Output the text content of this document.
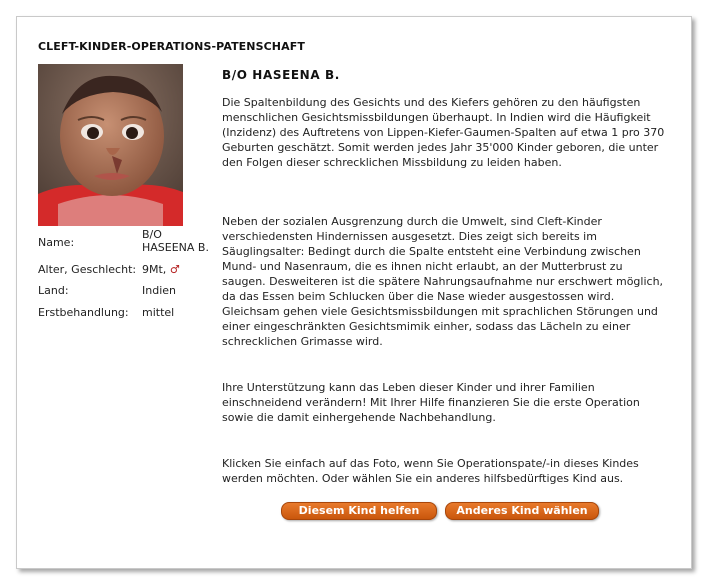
CLEFT-KINDER-OPERATIONS-PATENSCHAFT
Name:
B/O
HASEENA B.
Alter, Geschlecht: 9Mt, ♂
Land:	Indien
Erstbehandlung: mittel
B/O HASEENA B.

Die Spaltenbildung des Gesichts und des Kiefers gehören zu den häufigsten menschlichen Gesichtsmissbildungen überhaupt. In Indien wird die Häufigkeit (Inzidenz) des Auftretens von Lippen-Kiefer-Gaumen-Spalten auf etwa 1 pro 370 Geburten geschätzt. Somit werden jedes Jahr 35'000 Kinder geboren, die unter den Folgen dieser schrecklichen Missbildung zu leiden haben.

Neben der sozialen Ausgrenzung durch die Umwelt, sind Cleft-Kinder verschiedensten Hindernissen ausgesetzt. Dies zeigt sich bereits im Säuglingsalter: Bedingt durch die Spalte entsteht eine Verbindung zwischen Mund- und Nasenraum, die es ihnen nicht erlaubt, an der Mutterbrust zu saugen. Desweiteren ist die spätere Nahrungsaufnahme nur erschwert möglich, da das Essen beim Schlucken über die Nase wieder ausgestossen wird. Gleichsam gehen viele Gesichtsmissbildungen mit sprachlichen Störungen und einer eingeschränkten Gesichtsmimik einher, sodass das Lächeln zu einer schrecklichen Grimasse wird.

Ihre Unterstützung kann das Leben dieser Kinder und ihrer Familien einschneidend verändern! Mit Ihrer Hilfe finanzieren Sie die erste Operation sowie die damit einhergehende Nachbehandlung.

Klicken Sie einfach auf das Foto, wenn Sie Operationspate/-in dieses Kindes werden möchten. Oder wählen Sie ein anderes hilfsbedürftiges Kind aus.

Diesem Kind helfen	Anderes Kind wählen
